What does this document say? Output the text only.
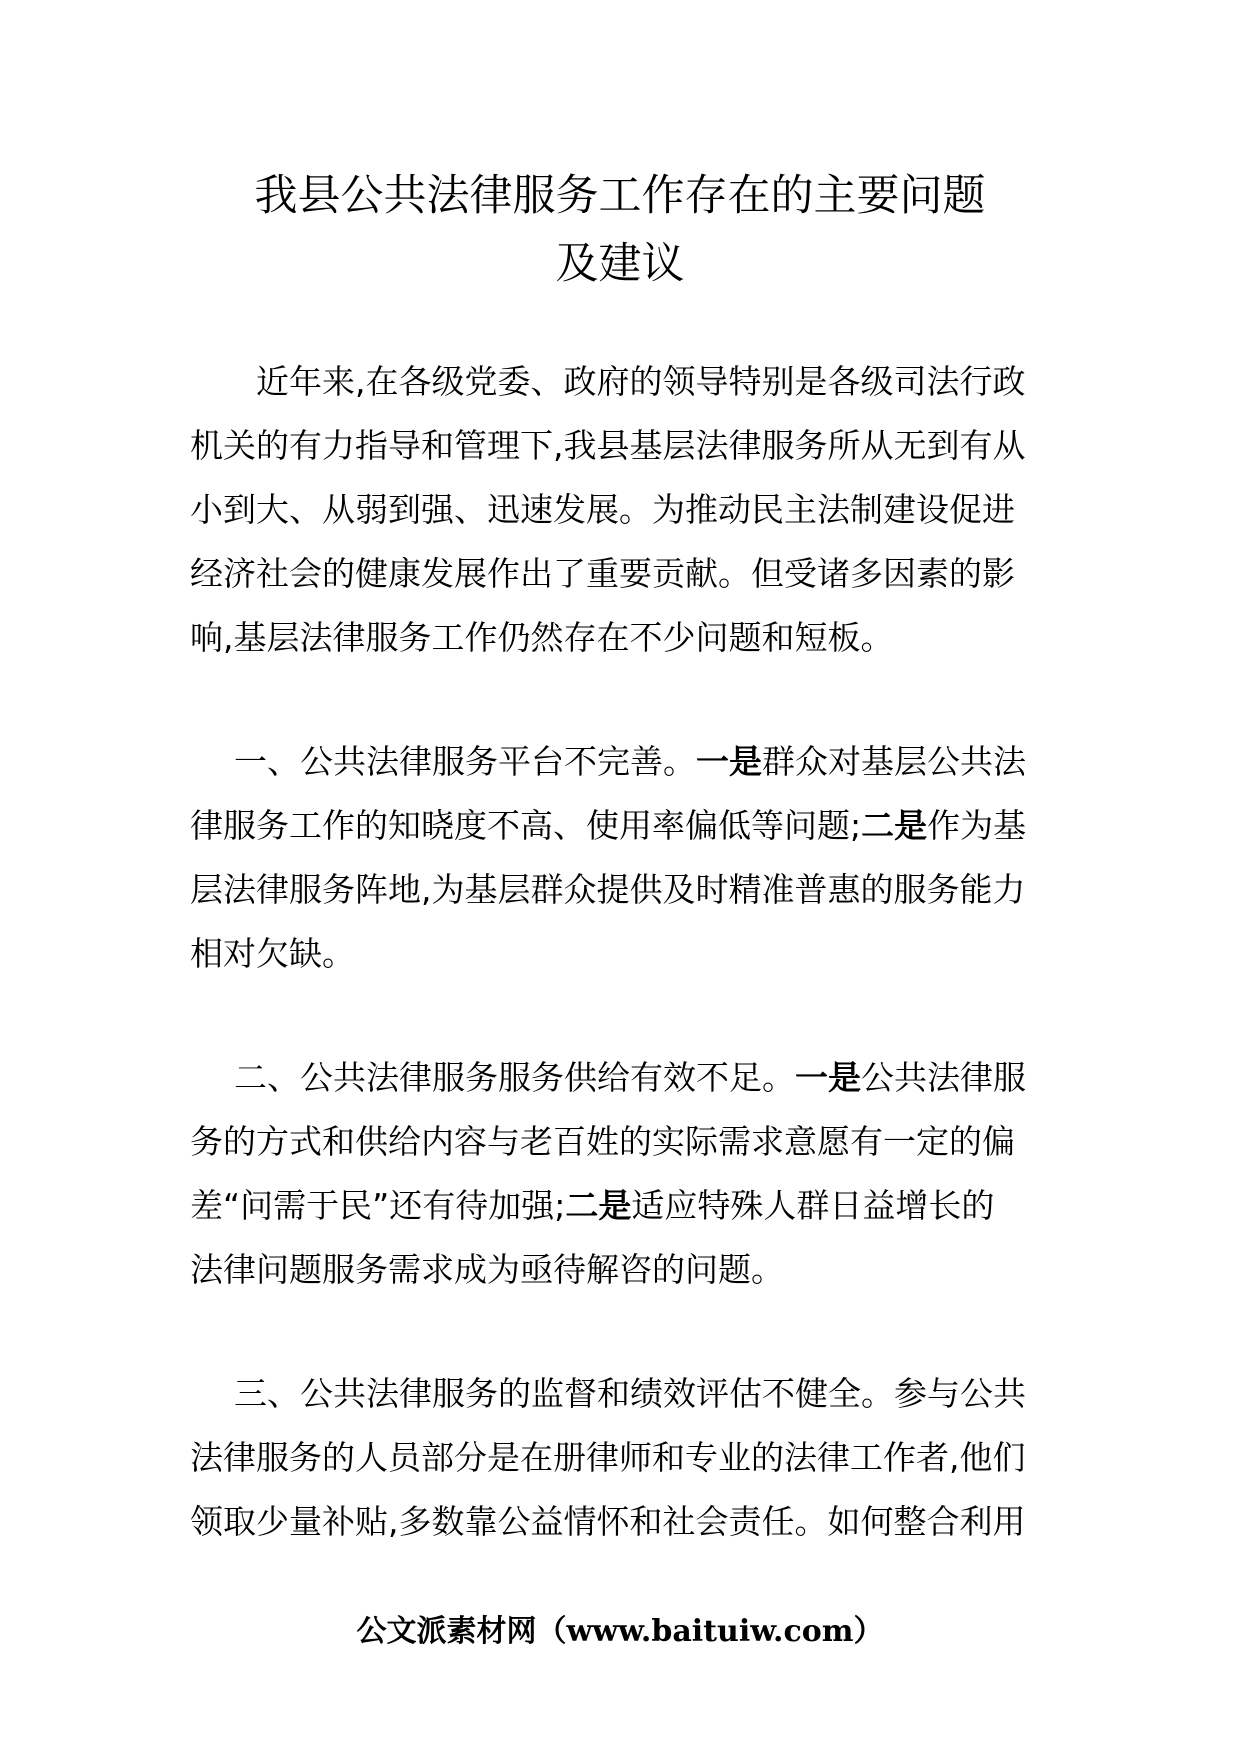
我县公共法律服务工作存在的主要问题
及建议
近年来,在各级党委、政府的领导特别是各级司法行政
机关的有力指导和管理下,我县基层法律服务所从无到有从
小到大、从弱到强、迅速发展。为推动民主法制建设促进
经济社会的健康发展作出了重要贡献。但受诸多因素的影
响,基层法律服务工作仍然存在不少问题和短板。
一、公共法律服务平台不完善。一是群众对基层公共法
律服务工作的知晓度不高、使用率偏低等问题;二是作为基
层法律服务阵地,为基层群众提供及时精准普惠的服务能力
相对欠缺。
二、公共法律服务服务供给有效不足。一是公共法律服
务的方式和供给内容与老百姓的实际需求意愿有一定的偏
差“问需于民”还有待加强;二是适应特殊人群日益增长的
法律问题服务需求成为亟待解咨的问题。
三、公共法律服务的监督和绩效评估不健全。参与公共
法律服务的人员部分是在册律师和专业的法律工作者,他们
领取少量补贴,多数靠公益情怀和社会责任。如何整合利用
公文派素材网（www.baituiw.com）
